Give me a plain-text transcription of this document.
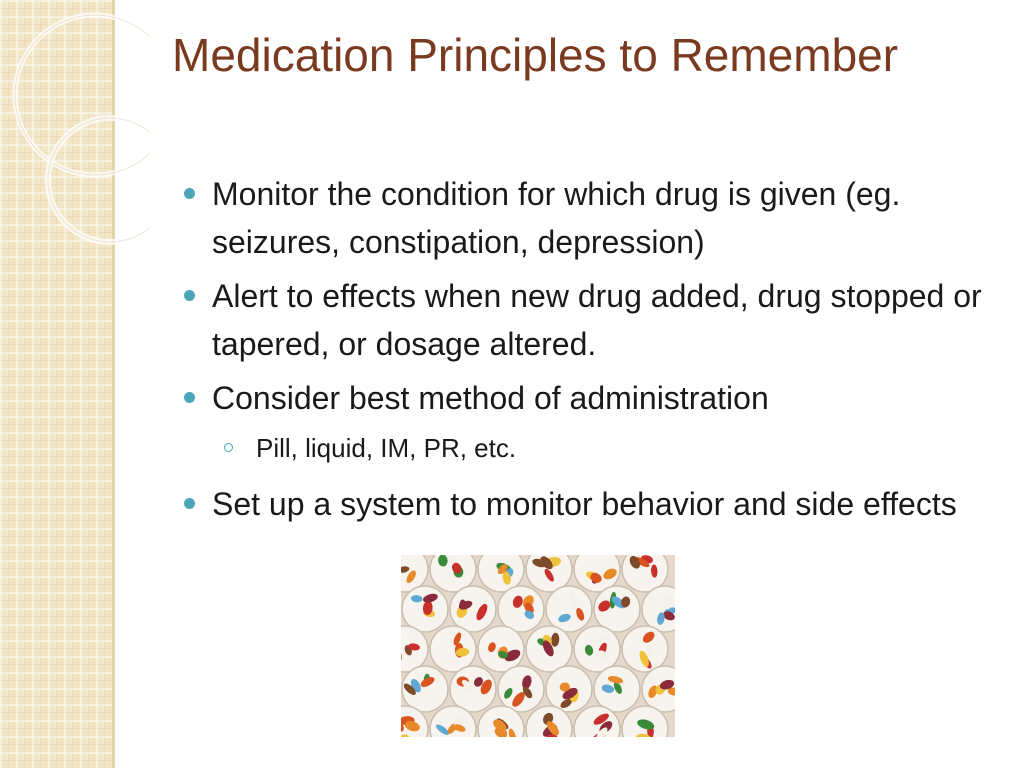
Medication Principles to Remember
Monitor the condition for which drug is given (eg. seizures, constipation, depression)
Alert to effects when new drug added, drug stopped or tapered, or dosage altered.
Consider best method of administration
Pill, liquid, IM, PR, etc.
Set up a system to monitor behavior and side effects
